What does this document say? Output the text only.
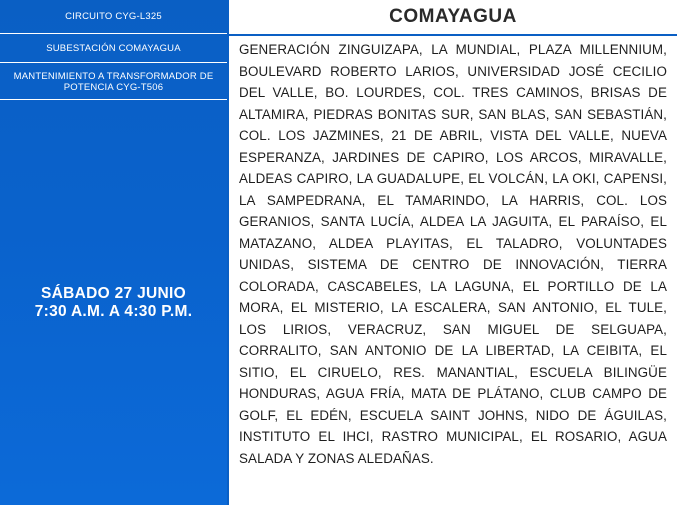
CIRCUITO CYG-L325
SUBESTACIÓN COMAYAGUA
MANTENIMIENTO A TRANSFORMADOR DE POTENCIA CYG-T506
SÁBADO 27 JUNIO
7:30 A.M. A 4:30 P.M.
COMAYAGUA
GENERACIÓN ZINGUIZAPA, LA MUNDIAL, PLAZA MILLENNIUM, BOULEVARD ROBERTO LARIOS, UNIVERSIDAD JOSÉ CECILIO DEL VALLE, BO. LOURDES, COL. TRES CAMINOS, BRISAS DE ALTAMIRA, PIEDRAS BONITAS SUR, SAN BLAS, SAN SEBASTIÁN, COL. LOS JAZMINES, 21 DE ABRIL, VISTA DEL VALLE, NUEVA ESPERANZA, JARDINES DE CAPIRO, LOS ARCOS, MIRAVALLE, ALDEAS CAPIRO, LA GUADALUPE, EL VOLCÁN, LA OKI, CAPENSI, LA SAMPEDRANA, EL TAMARINDO, LA HARRIS, COL. LOS GERANIOS, SANTA LUCÍA, ALDEA LA JAGUITA, EL PARAÍSO, EL MATAZANO, ALDEA PLAYITAS, EL TALADRO, VOLUNTADES UNIDAS, SISTEMA DE CENTRO DE INNOVACIÓN, TIERRA COLORADA, CASCABELES, LA LAGUNA, EL PORTILLO DE LA MORA, EL MISTERIO, LA ESCALERA, SAN ANTONIO, EL TULE, LOS LIRIOS, VERACRUZ, SAN MIGUEL DE SELGUAPA, CORRALITO, SAN ANTONIO DE LA LIBERTAD, LA CEIBITA, EL SITIO, EL CIRUELO, RES. MANANTIAL, ESCUELA BILINGÜE HONDURAS, AGUA FRÍA, MATA DE PLÁTANO, CLUB CAMPO DE GOLF, EL EDÉN, ESCUELA SAINT JOHNS, NIDO DE ÁGUILAS, INSTITUTO EL IHCI, RASTRO MUNICIPAL, EL ROSARIO, AGUA SALADA Y ZONAS ALEDAÑAS.
